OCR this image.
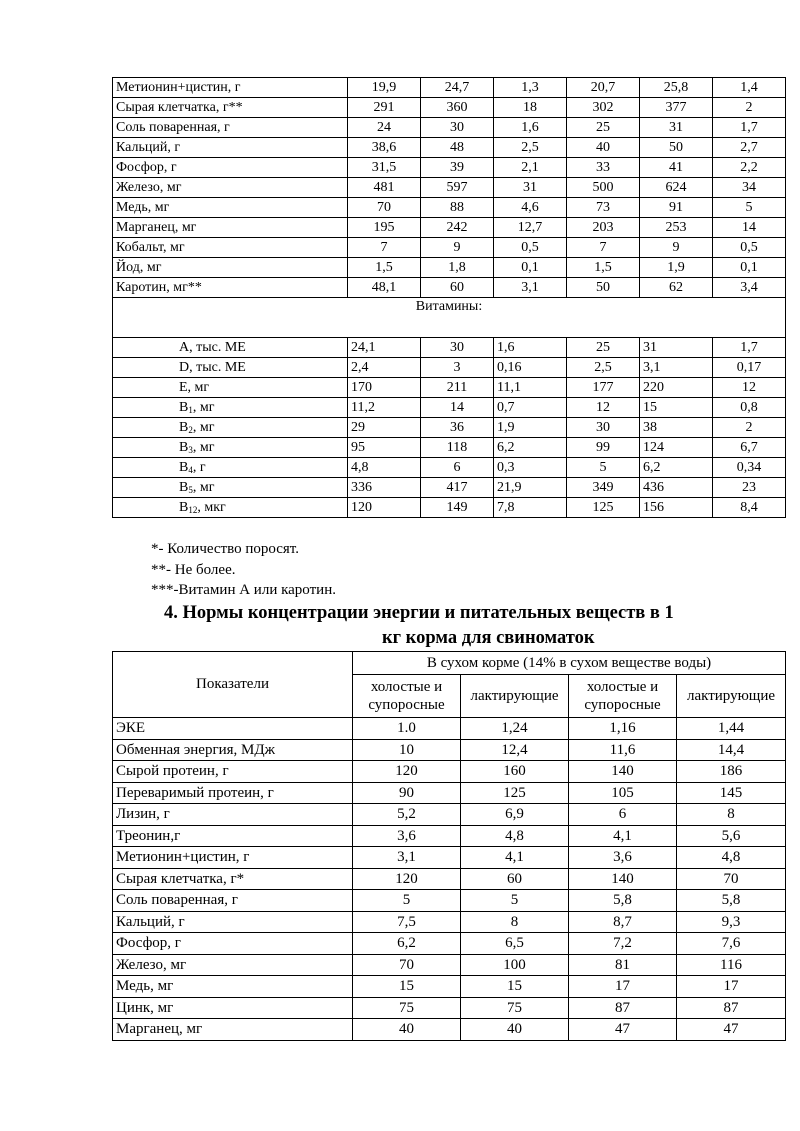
Метионин+цистин, г	19,9	24,7	1,3	20,7	25,8	1,4
Сырая клетчатка, г**	291	360	18	302	377	2
Соль поваренная, г	24	30	1,6	25	31	1,7
Кальций, г	38,6	48	2,5	40	50	2,7
Фосфор, г	31,5	39	2,1	33	41	2,2
Железо, мг	481	597	31	500	624	34
Медь, мг	70	88	4,6	73	91	5
Марганец, мг	195	242	12,7	203	253	14
Кобальт, мг	7	9	0,5	7	9	0,5
Йод, мг	1,5	1,8	0,1	1,5	1,9	0,1
Каротин, мг**	48,1	60	3,1	50	62	3,4
Витамины:						
А, тыс. МЕ	24,1	30	1,6	25	31	1,7
D, тыс. МЕ	2,4	3	0,16	2,5	3,1	0,17
Е, мг	170	211	11,1	177	220	12
$В_1$, мг	11,2	14	0,7	12	15	0,8
$В_2$, мг	29	36	1,9	30	38	2
$В_3$, мг	95	118	6,2	99	124	6,7
$В_4$, г	4,8	6	0,3	5	6,2	0,34
$В_5$, мг	336	417	21,9	349	436	23
$В_{12}$, мкг	120	149	7,8	125	156	8,4
*- Количество поросят.
**- Не более.
***-Витамин А или каротин.
4. Нормы концентрации энергии и питательных веществ в 1
кг корма для свиноматок
Показатели	В сухом корме (14% в сухом веществе воды)			
	холостые и супоросные	лактирующие	холостые и супоросные	лактирующие
ЭКЕ	1.0	1,24	1,16	1,44
Обменная энергия, МДж	10	12,4	11,6	14,4
Сырой протеин, г	120	160	140	186
Переваримый протеин, г	90	125	105	145
Лизин, г	5,2	6,9	6	8
Треонин,г	3,6	4,8	4,1	5,6
Метионин+цистин, г	3,1	4,1	3,6	4,8
Сырая клетчатка, г*	120	60	140	70
Соль поваренная, г	5	5	5,8	5,8
Кальций, г	7,5	8	8,7	9,3
Фосфор, г	6,2	6,5	7,2	7,6
Железо, мг	70	100	81	116
Медь, мг	15	15	17	17
Цинк, мг	75	75	87	87
Марганец, мг	40	40	47	47
